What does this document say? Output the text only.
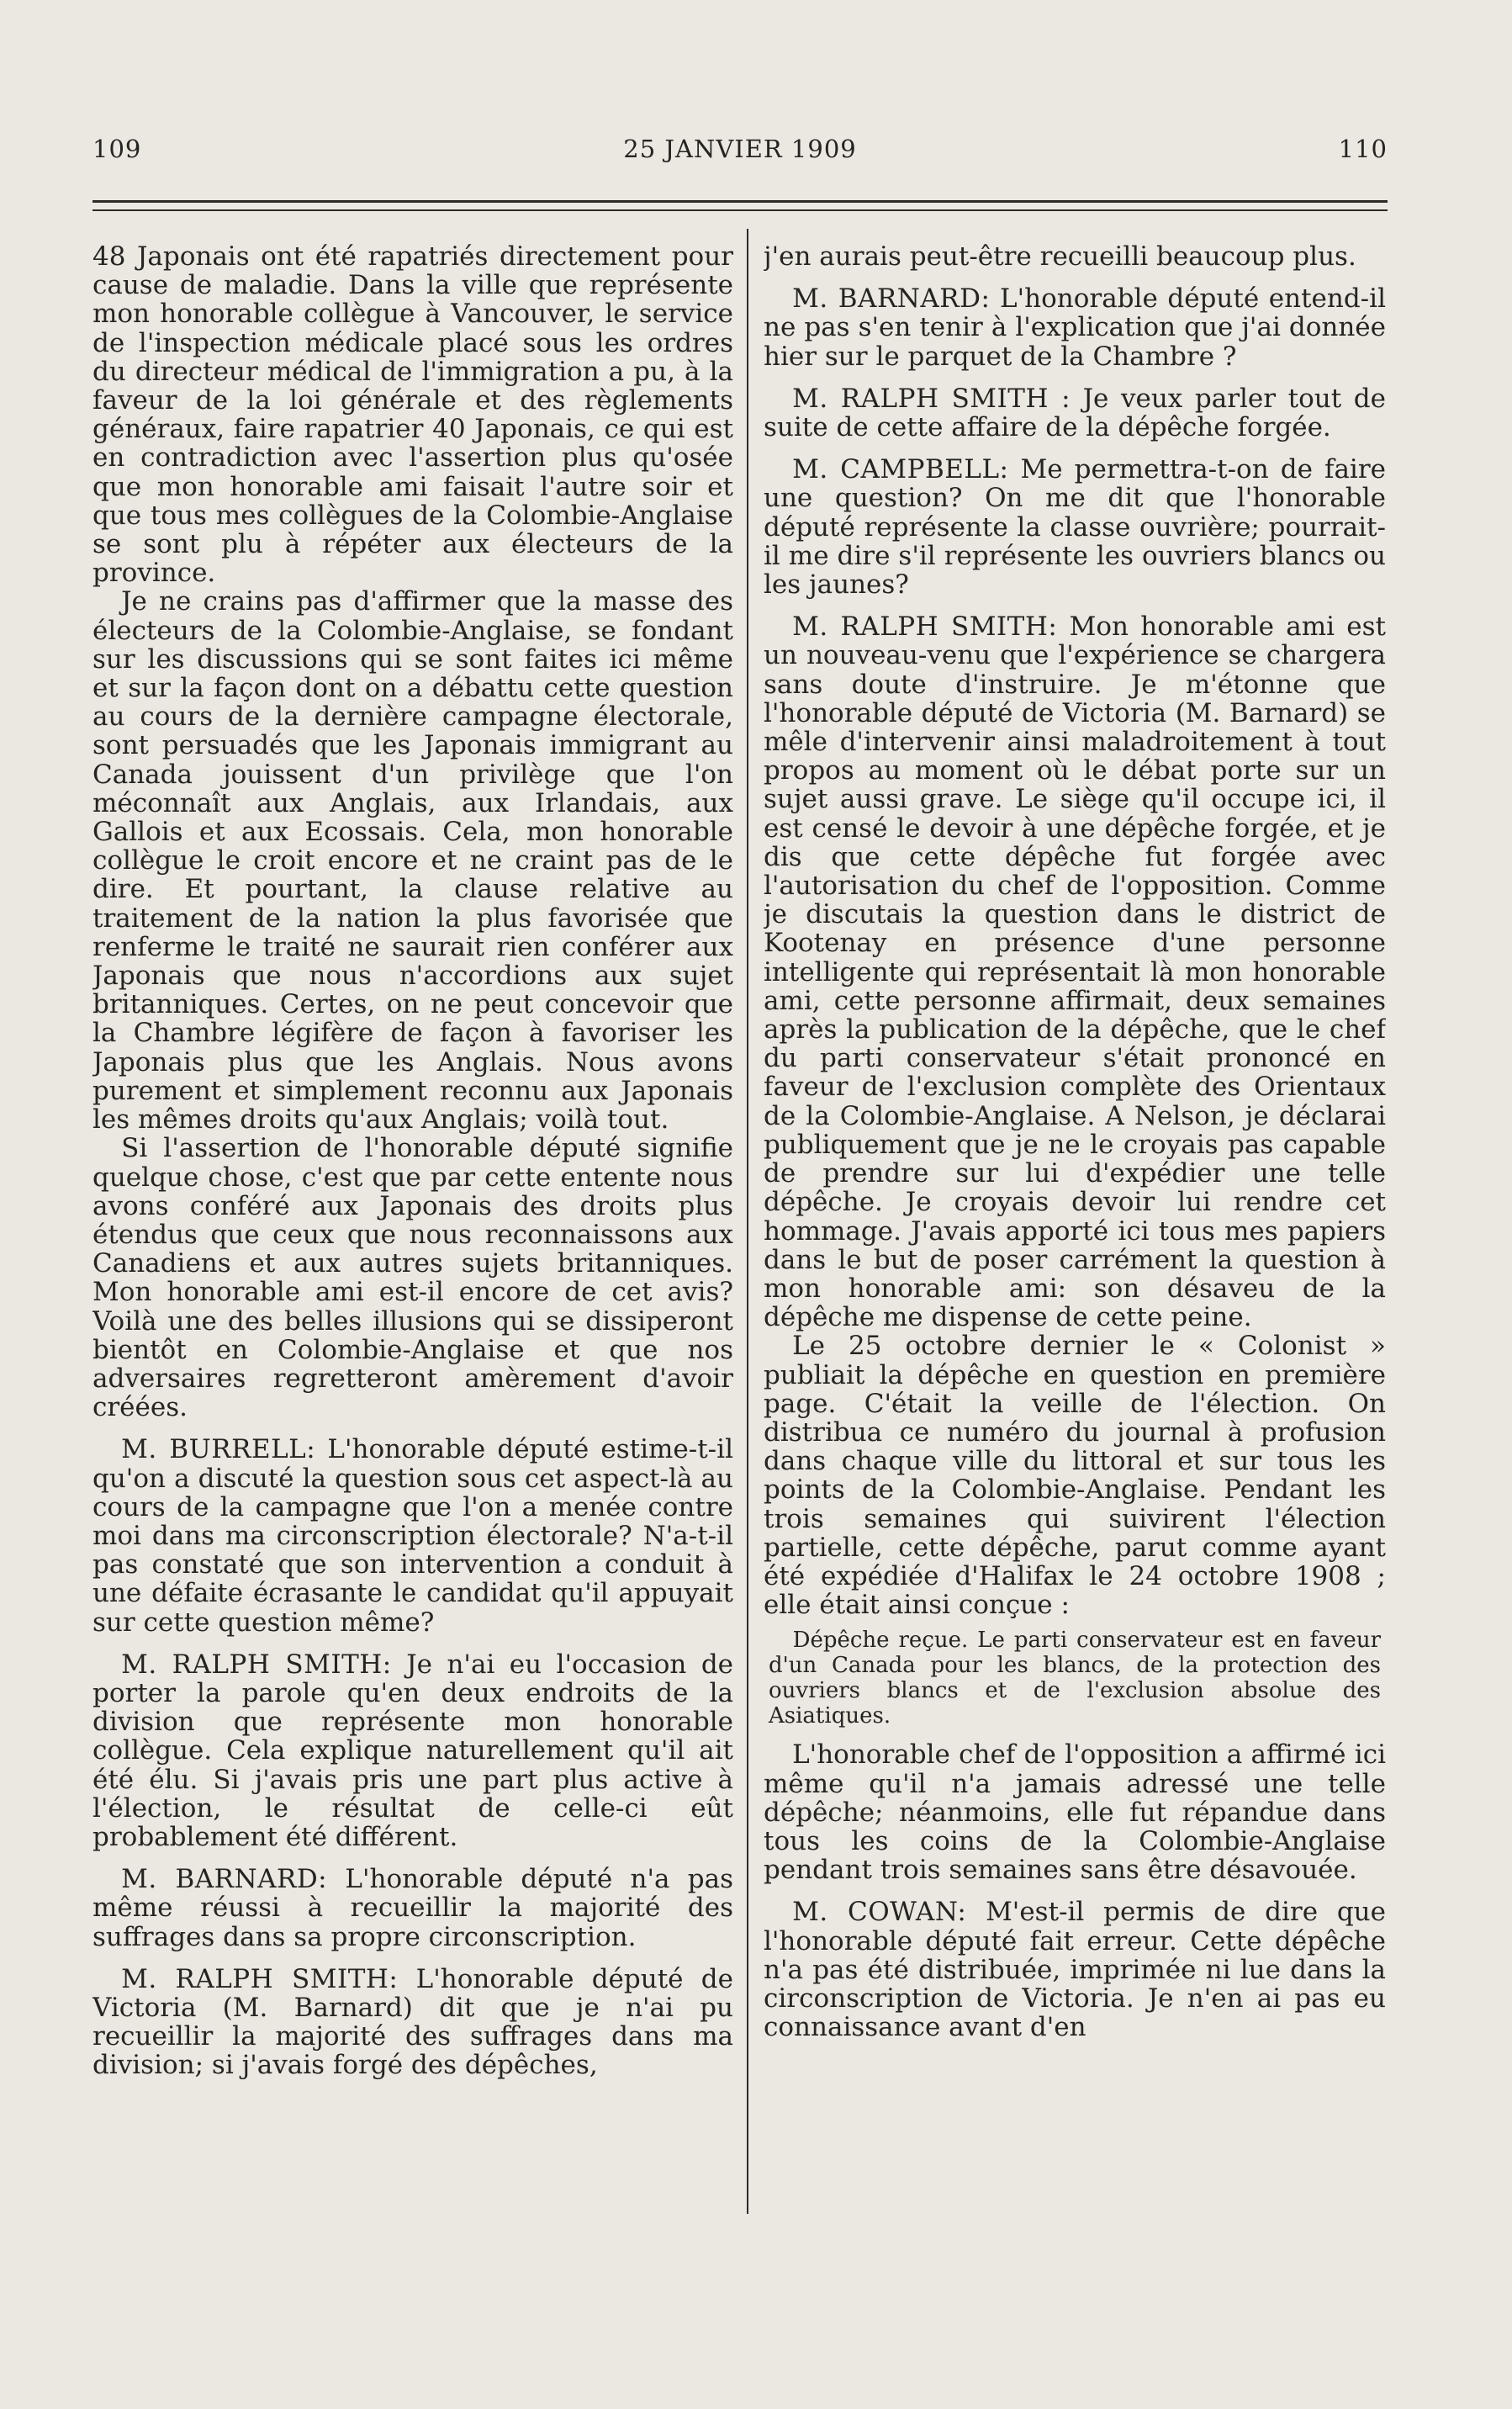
109	25 JANVIER 1909	110

48 Japonais ont été rapatriés directement pour cause de maladie. Dans la ville que représente mon honorable collègue à Vancouver, le service de l'inspection médicale placé sous les ordres du directeur médical de l'immigration a pu, à la faveur de la loi générale et des règlements généraux, faire rapatrier 40 Japonais, ce qui est en contradiction avec l'assertion plus qu'osée que mon honorable ami faisait l'autre soir et que tous mes collègues de la Colombie-Anglaise se sont plu à répéter aux électeurs de la province.

Je ne crains pas d'affirmer que la masse des électeurs de la Colombie-Anglaise, se fondant sur les discussions qui se sont faites ici même et sur la façon dont on a débattu cette question au cours de la dernière campagne électorale, sont persuadés que les Japonais immigrant au Canada jouissent d'un privilège que l'on méconnaît aux Anglais, aux Irlandais, aux Gallois et aux Ecossais. Cela, mon honorable collègue le croit encore et ne craint pas de le dire. Et pourtant, la clause relative au traitement de la nation la plus favorisée que renferme le traité ne saurait rien conférer aux Japonais que nous n'accordions aux sujet britanniques. Certes, on ne peut concevoir que la Chambre légifère de façon à favoriser les Japonais plus que les Anglais. Nous avons purement et simplement reconnu aux Japonais les mêmes droits qu'aux Anglais; voilà tout.

Si l'assertion de l'honorable député signifie quelque chose, c'est que par cette entente nous avons conféré aux Japonais des droits plus étendus que ceux que nous reconnaissons aux Canadiens et aux autres sujets britanniques. Mon honorable ami est-il encore de cet avis? Voilà une des belles illusions qui se dissiperont bientôt en Colombie-Anglaise et que nos adversaires regretteront amèrement d'avoir créées.

M. BURRELL: L'honorable député estime-t-il qu'on a discuté la question sous cet aspect-là au cours de la campagne que l'on a menée contre moi dans ma circonscription électorale? N'a-t-il pas constaté que son intervention a conduit à une défaite écrasante le candidat qu'il appuyait sur cette question même?

M. RALPH SMITH: Je n'ai eu l'occasion de porter la parole qu'en deux endroits de la division que représente mon honorable collègue. Cela explique naturellement qu'il ait été élu. Si j'avais pris une part plus active à l'élection, le résultat de celle-ci eût probablement été différent.

M. BARNARD: L'honorable député n'a pas même réussi à recueillir la majorité des suffrages dans sa propre circonscription.

M. RALPH SMITH: L'honorable député de Victoria (M. Barnard) dit que je n'ai pu recueillir la majorité des suffrages dans ma division; si j'avais forgé des dépêches,

j'en aurais peut-être recueilli beaucoup plus.

M. BARNARD: L'honorable député entend-il ne pas s'en tenir à l'explication que j'ai donnée hier sur le parquet de la Chambre ?

M. RALPH SMITH : Je veux parler tout de suite de cette affaire de la dépêche forgée.

M. CAMPBELL: Me permettra-t-on de faire une question? On me dit que l'honorable député représente la classe ouvrière; pourrait-il me dire s'il représente les ouvriers blancs ou les jaunes?

M. RALPH SMITH: Mon honorable ami est un nouveau-venu que l'expérience se chargera sans doute d'instruire. Je m'étonne que l'honorable député de Victoria (M. Barnard) se mêle d'intervenir ainsi maladroitement à tout propos au moment où le débat porte sur un sujet aussi grave. Le siège qu'il occupe ici, il est censé le devoir à une dépêche forgée, et je dis que cette dépêche fut forgée avec l'autorisation du chef de l'opposition. Comme je discutais la question dans le district de Kootenay en présence d'une personne intelligente qui représentait là mon honorable ami, cette personne affirmait, deux semaines après la publication de la dépêche, que le chef du parti conservateur s'était prononcé en faveur de l'exclusion complète des Orientaux de la Colombie-Anglaise. A Nelson, je déclarai publiquement que je ne le croyais pas capable de prendre sur lui d'expédier une telle dépêche. Je croyais devoir lui rendre cet hommage. J'avais apporté ici tous mes papiers dans le but de poser carrément la question à mon honorable ami: son désaveu de la dépêche me dispense de cette peine.

Le 25 octobre dernier le « Colonist » publiait la dépêche en question en première page. C'était la veille de l'élection. On distribua ce numéro du journal à profusion dans chaque ville du littoral et sur tous les points de la Colombie-Anglaise. Pendant les trois semaines qui suivirent l'élection partielle, cette dépêche, parut comme ayant été expédiée d'Halifax le 24 octobre 1908 ; elle était ainsi conçue :

Dépêche reçue. Le parti conservateur est en faveur d'un Canada pour les blancs, de la protection des ouvriers blancs et de l'exclusion absolue des Asiatiques.

L'honorable chef de l'opposition a affirmé ici même qu'il n'a jamais adressé une telle dépêche; néanmoins, elle fut répandue dans tous les coins de la Colombie-Anglaise pendant trois semaines sans être désavouée.

M. COWAN: M'est-il permis de dire que l'honorable député fait erreur. Cette dépêche n'a pas été distribuée, imprimée ni lue dans la circonscription de Victoria. Je n'en ai pas eu connaissance avant d'en
